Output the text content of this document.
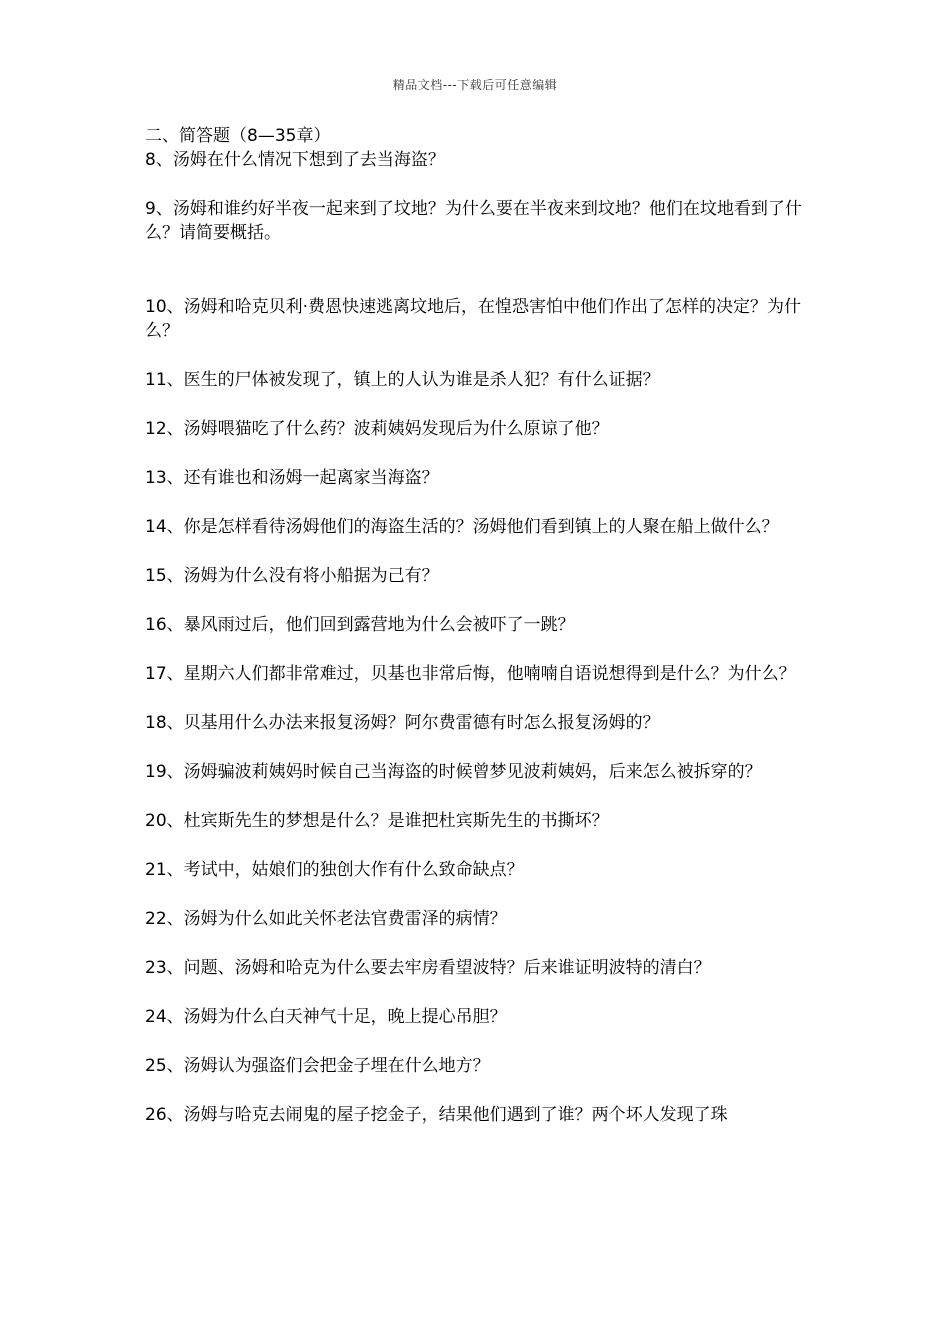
精品文档---下载后可任意编辑

二、简答题（8—35章）

8、汤姆在什么情况下想到了去当海盗？

9、汤姆和谁约好半夜一起来到了坟地？为什么要在半夜来到坟地？他们在坟地看到了什么？请简要概括。

10、汤姆和哈克贝利·费恩快速逃离坟地后，在惶恐害怕中他们作出了怎样的决定？为什么？

11、医生的尸体被发现了，镇上的人认为谁是杀人犯？有什么证据？

12、汤姆喂猫吃了什么药？波莉姨妈发现后为什么原谅了他？

13、还有谁也和汤姆一起离家当海盗？

14、你是怎样看待汤姆他们的海盗生活的？汤姆他们看到镇上的人聚在船上做什么？

15、汤姆为什么没有将小船据为己有？

16、暴风雨过后，他们回到露营地为什么会被吓了一跳？

17、星期六人们都非常难过，贝基也非常后悔，他喃喃自语说想得到是什么？为什么？

18、贝基用什么办法来报复汤姆？阿尔费雷德有时怎么报复汤姆的？

19、汤姆骗波莉姨妈时候自己当海盗的时候曾梦见波莉姨妈，后来怎么被拆穿的？

20、杜宾斯先生的梦想是什么？是谁把杜宾斯先生的书撕坏？

21、考试中，姑娘们的独创大作有什么致命缺点？

22、汤姆为什么如此关怀老法官费雷泽的病情？

23、问题、汤姆和哈克为什么要去牢房看望波特？后来谁证明波特的清白？

24、汤姆为什么白天神气十足，晚上提心吊胆？

25、汤姆认为强盗们会把金子埋在什么地方？

26、汤姆与哈克去闹鬼的屋子挖金子，结果他们遇到了谁？两个坏人发现了珠
